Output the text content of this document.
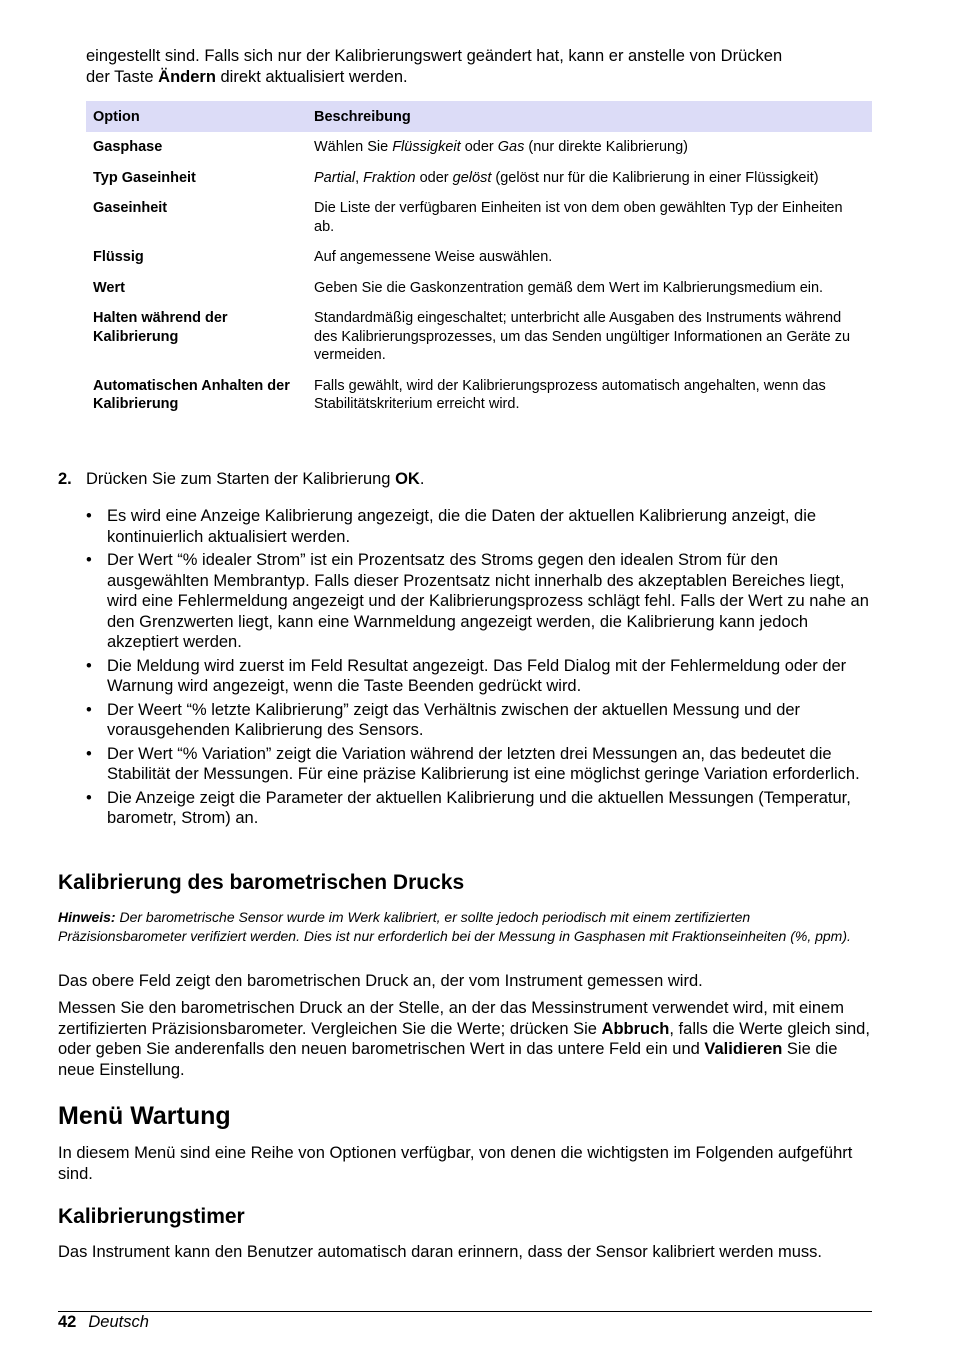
eingestellt sind. Falls sich nur der Kalibrierungswert geändert hat, kann er anstelle von Drücken
der Taste Ändern direkt aktualisiert werden.

Option	Beschreibung
Gasphase	Wählen Sie Flüssigkeit oder Gas (nur direkte Kalibrierung)
Typ Gaseinheit	Partial, Fraktion oder gelöst (gelöst nur für die Kalibrierung in einer Flüssigkeit)
Gaseinheit	Die Liste der verfügbaren Einheiten ist von dem oben gewählten Typ der Einheiten ab.
Flüssig	Auf angemessene Weise auswählen.
Wert	Geben Sie die Gaskonzentration gemäß dem Wert im Kalbrierungsmedium ein.
Halten während der Kalibrierung	Standardmäßig eingeschaltet; unterbricht alle Ausgaben des Instruments während des Kalibrierungsprozesses, um das Senden ungültiger Informationen an Geräte zu vermeiden.
Automatischen Anhalten der Kalibrierung	Falls gewählt, wird der Kalibrierungsprozess automatisch angehalten, wenn das Stabilitätskriterium erreicht wird.

2. Drücken Sie zum Starten der Kalibrierung OK.

• Es wird eine Anzeige Kalibrierung angezeigt, die die Daten der aktuellen Kalibrierung anzeigt, die kontinuierlich aktualisiert werden.
• Der Wert “% idealer Strom” ist ein Prozentsatz des Stroms gegen den idealen Strom für den ausgewählten Membrantyp. Falls dieser Prozentsatz nicht innerhalb des akzeptablen Bereiches liegt, wird eine Fehlermeldung angezeigt und der Kalibrierungsprozess schlägt fehl. Falls der Wert zu nahe an den Grenzwerten liegt, kann eine Warnmeldung angezeigt werden, die Kalibrierung kann jedoch akzeptiert werden.
• Die Meldung wird zuerst im Feld Resultat angezeigt. Das Feld Dialog mit der Fehlermeldung oder der Warnung wird angezeigt, wenn die Taste Beenden gedrückt wird.
• Der Weert “% letzte Kalibrierung” zeigt das Verhältnis zwischen der aktuellen Messung und der vorausgehenden Kalibrierung des Sensors.
• Der Wert “% Variation” zeigt die Variation während der letzten drei Messungen an, das bedeutet die Stabilität der Messungen. Für eine präzise Kalibrierung ist eine möglichst geringe Variation erforderlich.
• Die Anzeige zeigt die Parameter der aktuellen Kalibrierung und die aktuellen Messungen (Temperatur, barometr, Strom) an.
Kalibrierung des barometrischen Drucks

Hinweis: Der barometrische Sensor wurde im Werk kalibriert, er sollte jedoch periodisch mit einem zertifizierten Präzisionsbarometer verifiziert werden. Dies ist nur erforderlich bei der Messung in Gasphasen mit Fraktionseinheiten (%, ppm).

Das obere Feld zeigt den barometrischen Druck an, der vom Instrument gemessen wird.

Messen Sie den barometrischen Druck an der Stelle, an der das Messinstrument verwendet wird, mit einem zertifizierten Präzisionsbarometer. Vergleichen Sie die Werte; drücken Sie Abbruch, falls die Werte gleich sind, oder geben Sie anderenfalls den neuen barometrischen Wert in das untere Feld ein und Validieren Sie die neue Einstellung.

Menü Wartung

In diesem Menü sind eine Reihe von Optionen verfügbar, von denen die wichtigsten im Folgenden aufgeführt sind.

Kalibrierungstimer

Das Instrument kann den Benutzer automatisch daran erinnern, dass der Sensor kalibriert werden muss.

42 Deutsch
